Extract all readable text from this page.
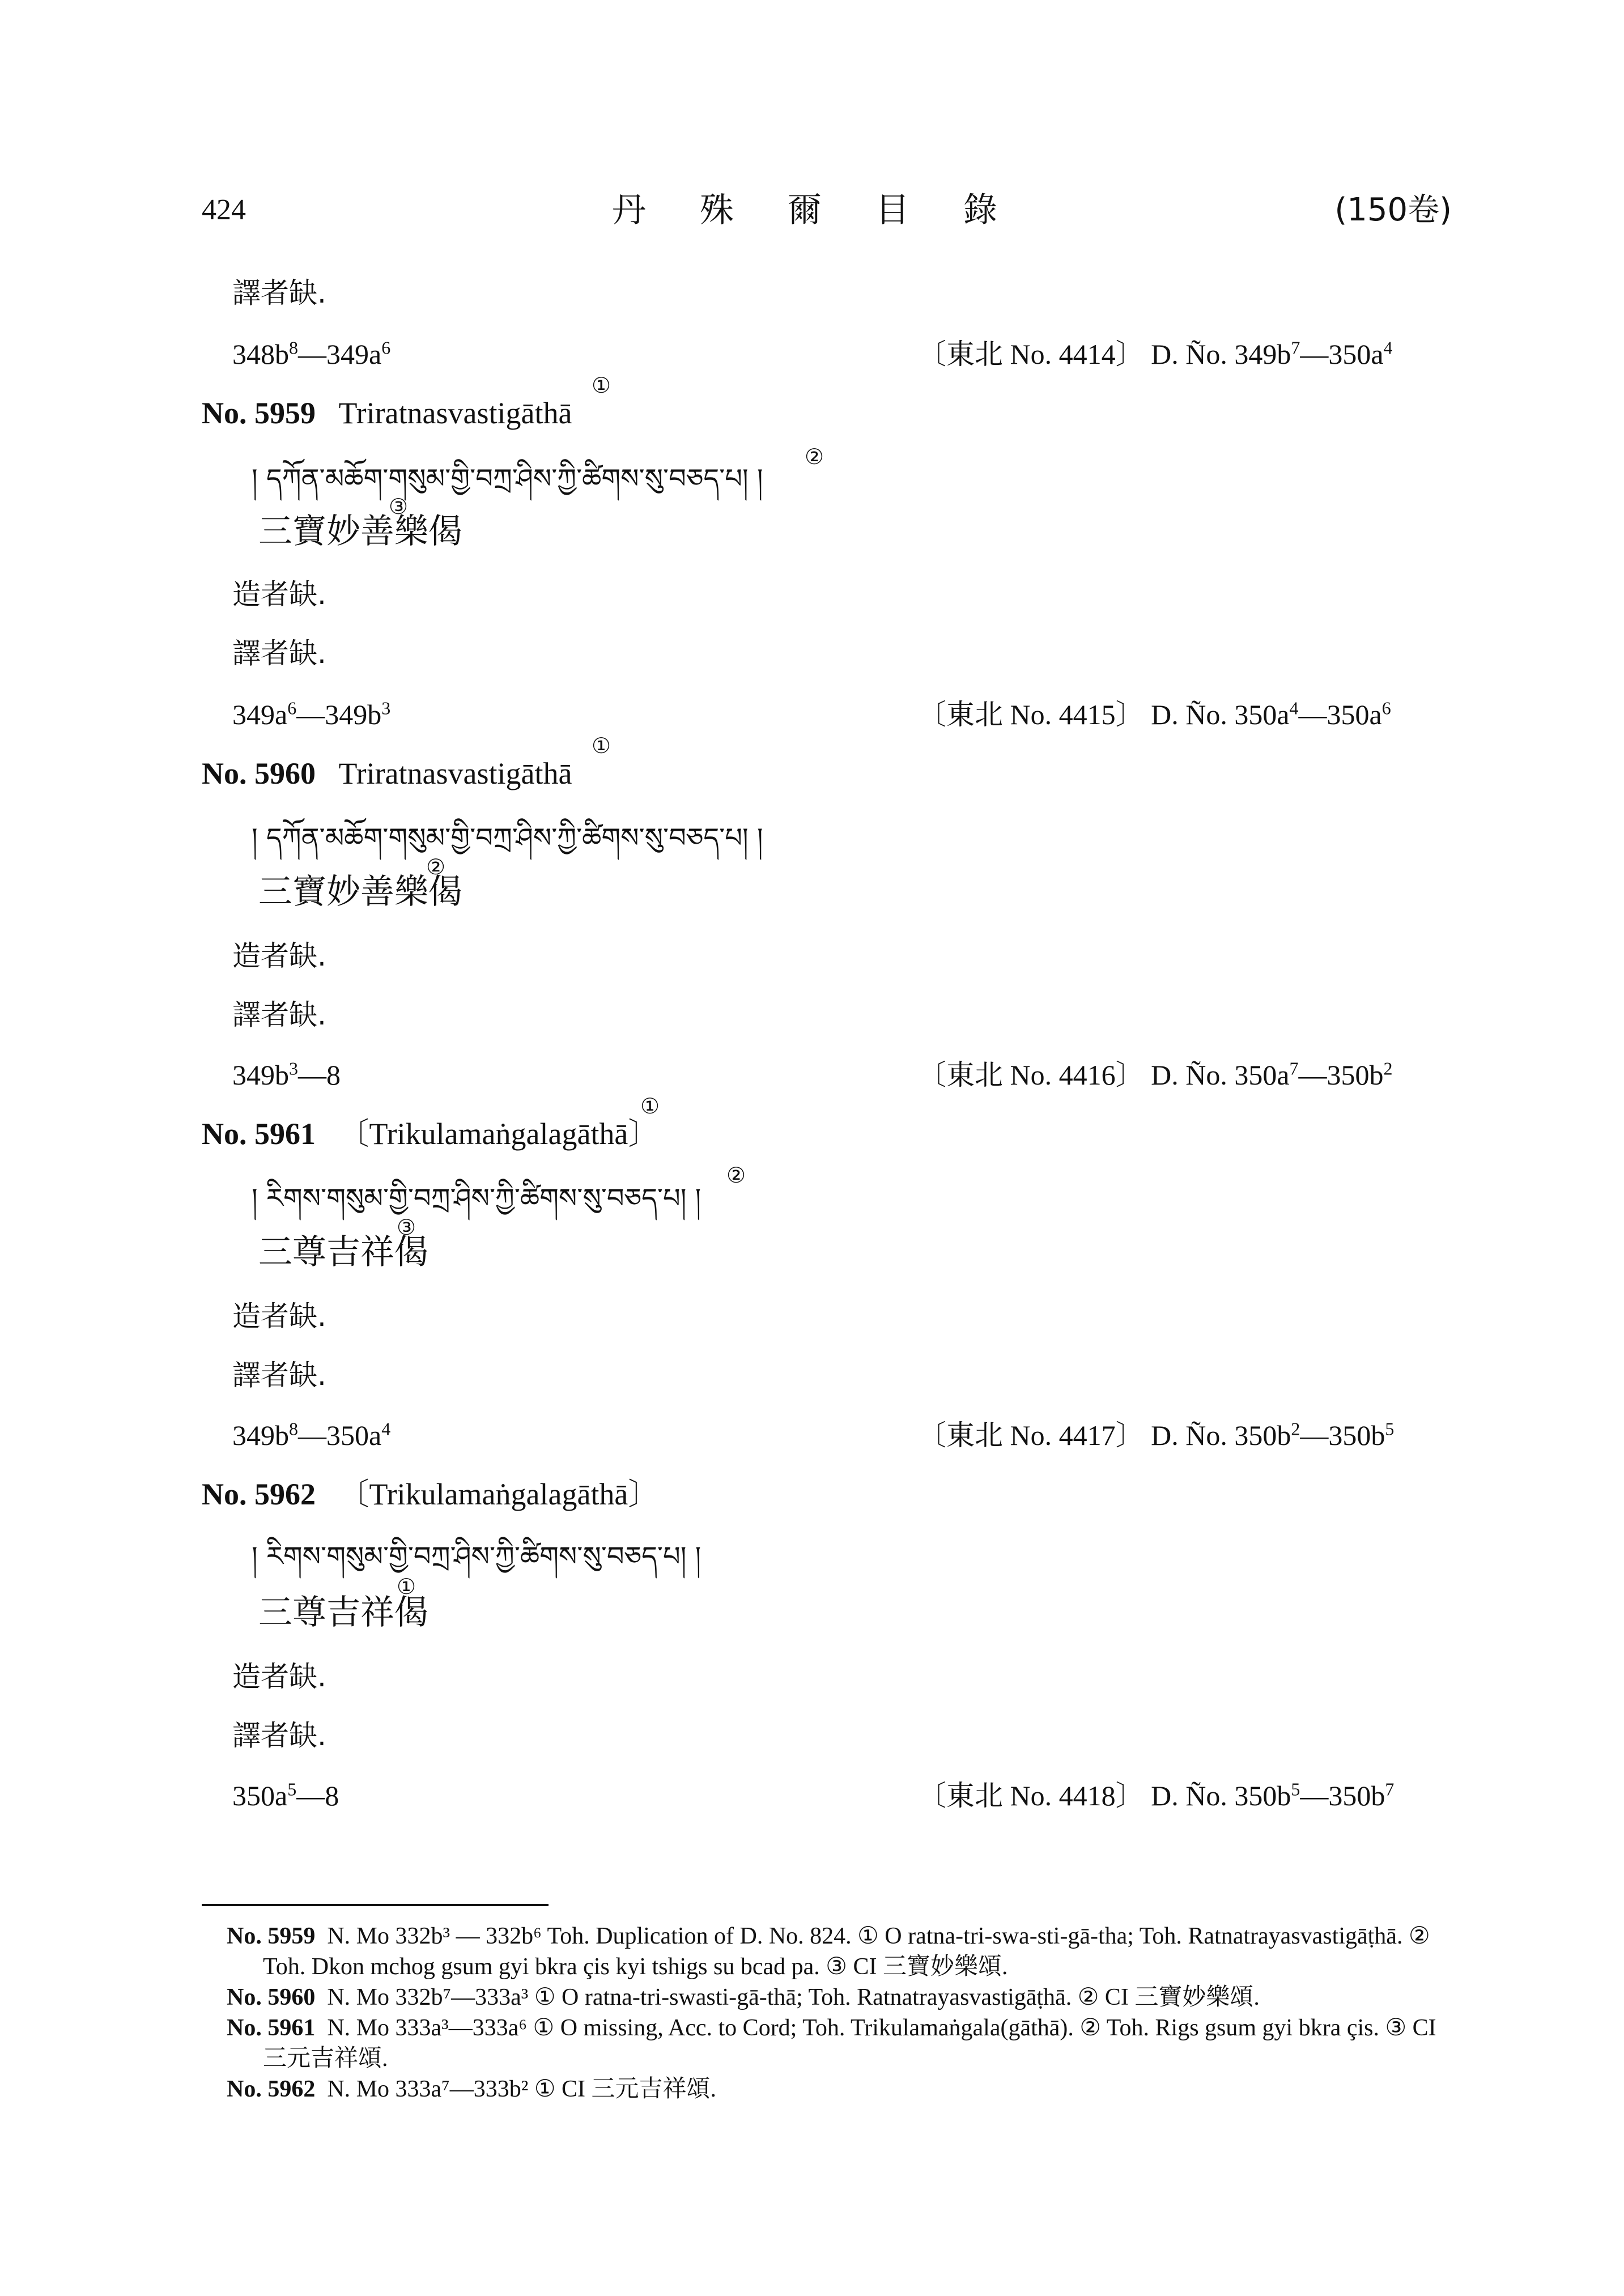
424	丹 殊 爾 目 錄	(150卷)
譯者缺.
$348b^8—349a^6$	〔東北 No. 4414〕 D. Ño. $349b^7—350a^4$
No. 5959 Triratnasvastigāthā
①
། དཀོན་མཆོག་གསུམ་གྱི་བཀྲ་ཤིས་ཀྱི་ཚིགས་སུ་བཅད་པ། །
②
三寶妙善樂偈
③
造者缺.
譯者缺.
$349a^6—349b^3$	〔東北 No. 4415〕 D. Ño. $350a^4—350a^6$
No. 5960 Triratnasvastigāthā
①
། དཀོན་མཆོག་གསུམ་གྱི་བཀྲ་ཤིས་ཀྱི་ཚིགས་སུ་བཅད་པ། །
三寶妙善樂偈
②
造者缺.
譯者缺.
$349b^3—8$	〔東北 No. 4416〕 D. Ño. $350a^7—350b^2$
No. 5961 〔Trikulamaṅgalagāthā〕
①
། རིགས་གསུམ་གྱི་བཀྲ་ཤིས་ཀྱི་ཚིགས་སུ་བཅད་པ། །
②
三尊吉祥偈
③
造者缺.
譯者缺.
$349b^8—350a^4$	〔東北 No. 4417〕 D. Ño. $350b^2—350b^5$
No. 5962 〔Trikulamaṅgalagāthā〕
། རིགས་གསུམ་གྱི་བཀྲ་ཤིས་ཀྱི་ཚིགས་སུ་བཅད་པ། །
三尊吉祥偈
①
造者缺.
譯者缺.
$350a^5—8$	〔東北 No. 4418〕 D. Ño. $350b^5—350b^7$

No. 5959 N. Mo 332b³ — 332b⁶ Toh. Duplication of D. No. 824. ① O ratna-tri-swa-sti-gā-tha; Toh. Ratnatrayasvastigāṭhā. ② Toh. Dkon mchog gsum gyi bkra çis kyi tshigs su bcad pa. ③ CI 三寶妙樂頌.

No. 5960 N. Mo 332b⁷—333a³ ① O ratna-tri-swasti-gā-thā; Toh. Ratnatrayasvastigāṭhā. ② CI 三寶妙樂頌.

No. 5961 N. Mo 333a³—333a⁶ ① O missing, Acc. to Cord; Toh. Trikulamaṅgala(gāthā). ② Toh. Rigs gsum gyi bkra çis. ③ CI 三元吉祥頌.

No. 5962 N. Mo 333a⁷—333b² ① CI 三元吉祥頌.
